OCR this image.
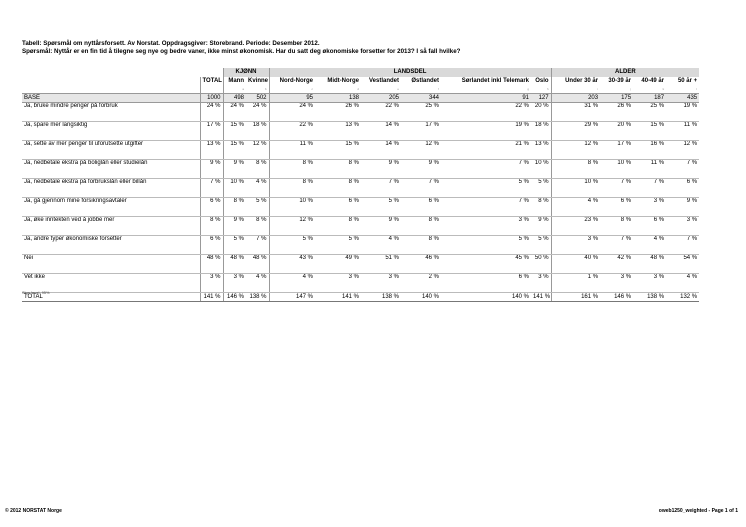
Tabell: Spørsmål om nyttårsforsett. Av Norstat. Oppdragsgiver: Storebrand. Periode: Desember 2012.
Spørsmål: Nyttår er en fin tid å tilegne seg nye og bedre vaner, ikke minst økonomisk. Har du satt deg økonomiske forsetter for 2013? I så fall hvilke?
		KJØNN		LANDSDEL						ALDER			
	TOTAL	Mann	Kvinne	Nord-Norge	Midt-Norge	Vestlandet	Østlandet	Sørlandet inkl Telemark	Oslo	Under 30 år	30-39 år	40-49 år	50 år +
		a	b	c	d	e	f	g	h	i	j	k	l
BASE	1000	498	502	95	138	205	344	91	127	203	175	187	435
Ja, bruke mindre penger på forbruk	24 %	24 %	24 %	24 %	26 %	22 %	25 %	22 %	20 %	31 %	26 %	25 %	19 %
Ja, spare mer langsiktig	17 %	15 %	18 %	22 %	13 %	14 %	17 %	19 %	18 %	29 %	20 %	15 %	11 %
Ja, sette av mer penger til uforutsette utgifter	13 %	15 %	12 %	11 %	15 %	14 %	12 %	21 %	13 %	12 %	17 %	16 %	12 %
Ja, nedbetale ekstra på boliglån eller studielån	9 %	9 %	8 %	8 %	8 %	9 %	9 %	7 %	10 %	8 %	10 %	11 %	7 %
Ja, nedbetale ekstra på forbrukslån eller billån	7 %	10 %	4 %	8 %	8 %	7 %	7 %	5 %	5 %	10 %	7 %	7 %	6 %
Ja, gå gjennom mine forsikringsavtaler	6 %	8 %	5 %	10 %	6 %	5 %	6 %	7 %	8 %	4 %	6 %	3 %	9 %
Ja, øke inntekten ved å jobbe mer	8 %	9 %	8 %	12 %	8 %	9 %	8 %	3 %	9 %	23 %	8 %	6 %	3 %
Ja, andre typer økonomiske forsetter	6 %	5 %	7 %	5 %	5 %	4 %	8 %	5 %	5 %	3 %	7 %	4 %	7 %
Nei	48 %	48 %	48 %	43 %	49 %	51 %	46 %	45 %	50 %	40 %	42 %	48 %	54 %
Vet ikke	3 %	3 %	4 %	4 %	3 %	3 %	2 %	6 %	3 %	1 %	3 %	3 %	4 %
TOTAL	141 %	146 %	138 %	147 %	141 %	138 %	140 %	140 %	141 %	161 %	146 %	138 %	132 %
Sign.level: 95%
© 2012 NORSTAT Norge	oweb1250_weighted - Page 1 of 1
